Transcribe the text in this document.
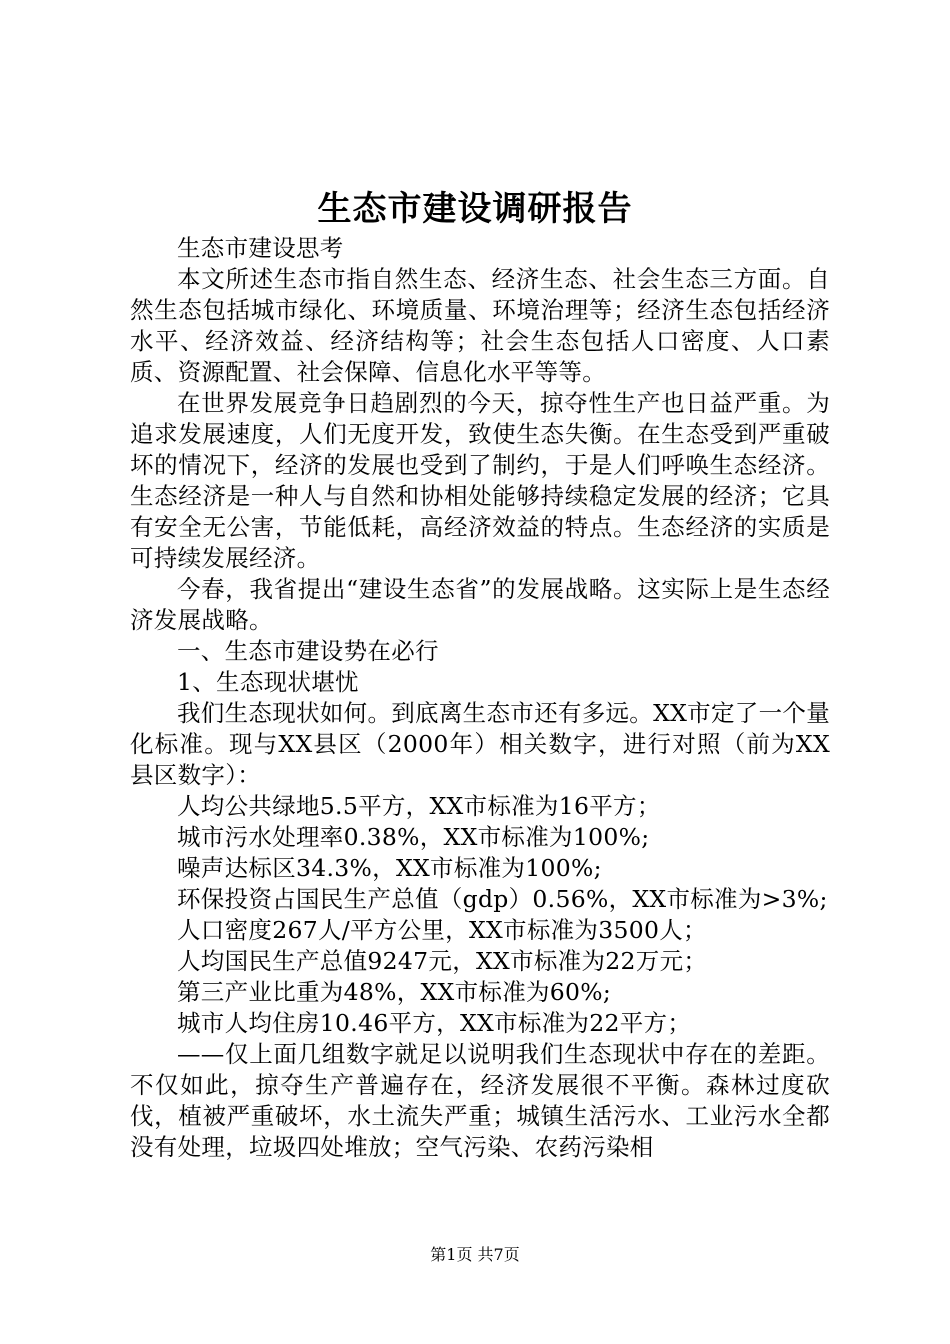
生态市建设调研报告

生态市建设思考

本文所述生态市指自然生态、经济生态、社会生态三方面。自然生态包括城市绿化、环境质量、环境治理等；经济生态包括经济水平、经济效益、经济结构等；社会生态包括人口密度、人口素质、资源配置、社会保障、信息化水平等等。

在世界发展竞争日趋剧烈的今天，掠夺性生产也日益严重。为追求发展速度，人们无度开发，致使生态失衡。在生态受到严重破坏的情况下，经济的发展也受到了制约，于是人们呼唤生态经济。生态经济是一种人与自然和协相处能够持续稳定发展的经济；它具有安全无公害，节能低耗，高经济效益的特点。生态经济的实质是可持续发展经济。

今春，我省提出“建设生态省”的发展战略。这实际上是生态经济发展战略。

一、生态市建设势在必行

1、生态现状堪忧

我们生态现状如何。到底离生态市还有多远。XX市定了一个量化标准。现与XX县区（2000年）相关数字，进行对照（前为XX县区数字）：

人均公共绿地5.5平方，XX市标准为16平方；

城市污水处理率0.38%，XX市标准为100%;

噪声达标区34.3%，XX市标准为100%;

环保投资占国民生产总值（gdp）0.56%，XX市标准为>3%;

人口密度267人/平方公里，XX市标准为3500人；

人均国民生产总值9247元，XX市标准为22万元；

第三产业比重为48%，XX市标准为60%;

城市人均住房10.46平方，XX市标准为22平方；

——仅上面几组数字就足以说明我们生态现状中存在的差距。不仅如此，掠夺生产普遍存在，经济发展很不平衡。森林过度砍伐，植被严重破坏，水土流失严重；城镇生活污水、工业污水全都没有处理，垃圾四处堆放；空气污染、农药污染相

第1页 共7页
